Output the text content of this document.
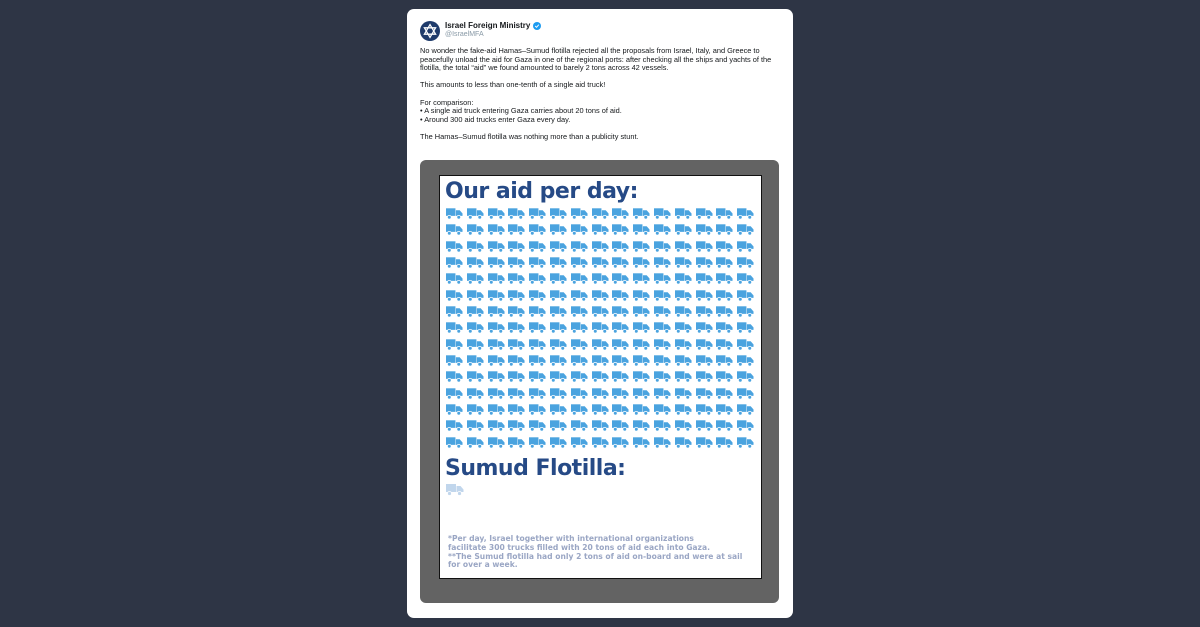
Israel Foreign Ministry
@IsraelMFA

No wonder the fake-aid Hamas–Sumud flotilla rejected all the proposals from Israel, Italy, and Greece to peacefully unload the aid for Gaza in one of the regional ports: after checking all the ships and yachts of the flotilla, the total “aid” we found amounted to barely 2 tons across 42 vessels.

This amounts to less than one-tenth of a single aid truck!

For comparison:

• A single aid truck entering Gaza carries about 20 tons of aid.

• Around 300 aid trucks enter Gaza every day.

The Hamas–Sumud flotilla was nothing more than a publicity stunt.

Our aid per day:
Sumud Flotilla:
*Per day, Israel together with international organizations
facilitate 300 trucks filled with 20 tons of aid each into Gaza.
**The Sumud flotilla had only 2 tons of aid on-board and were at sail
for over a week.
